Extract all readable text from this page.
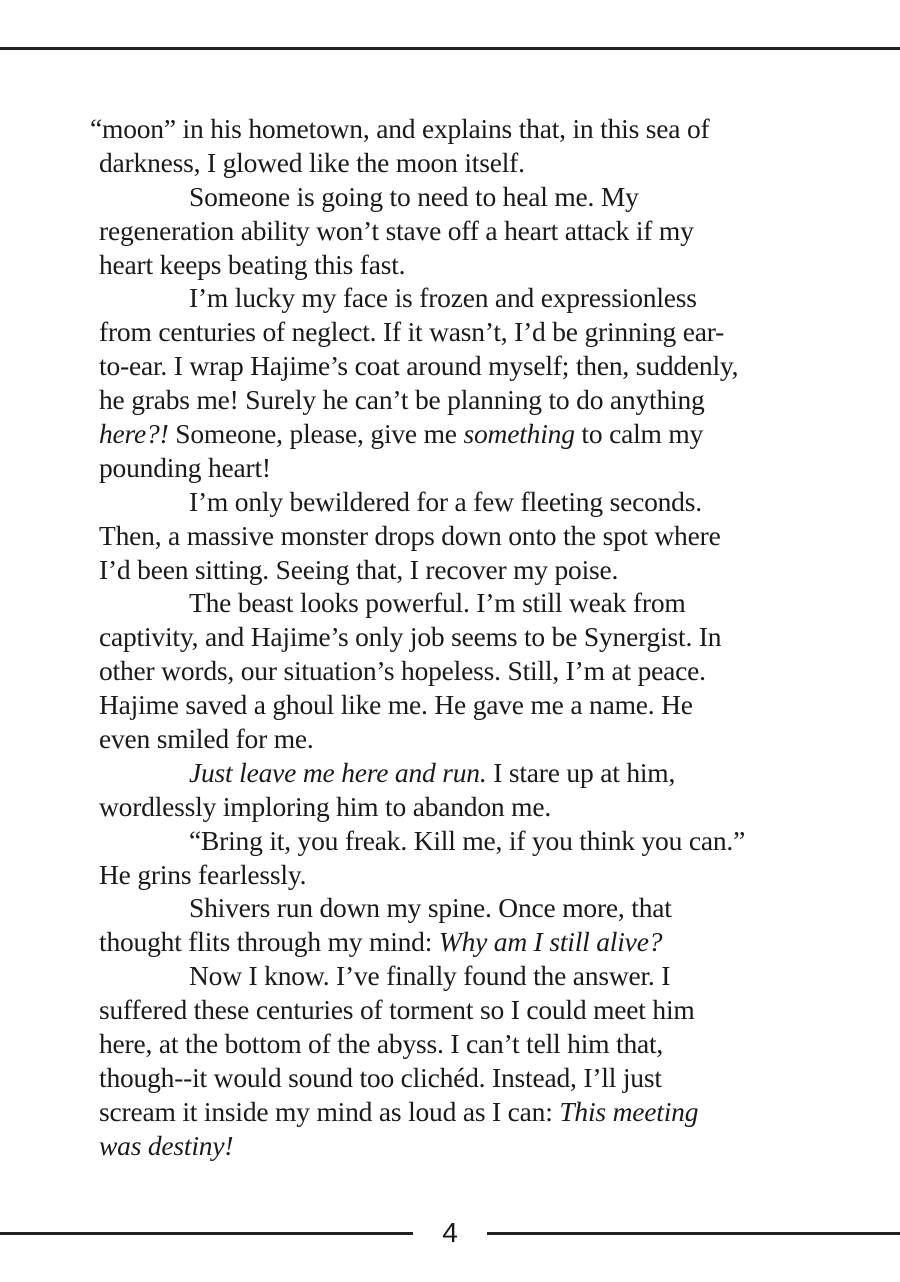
“moon” in his hometown, and explains that, in this sea of
darkness, I glowed like the moon itself.
Someone is going to need to heal me. My
regeneration ability won’t stave off a heart attack if my
heart keeps beating this fast.
I’m lucky my face is frozen and expressionless
from centuries of neglect. If it wasn’t, I’d be grinning ear-
to-ear. I wrap Hajime’s coat around myself; then, suddenly,
he grabs me! Surely he can’t be planning to do anything
here?! Someone, please, give me something to calm my
pounding heart!
I’m only bewildered for a few fleeting seconds.
Then, a massive monster drops down onto the spot where
I’d been sitting. Seeing that, I recover my poise.
The beast looks powerful. I’m still weak from
captivity, and Hajime’s only job seems to be Synergist. In
other words, our situation’s hopeless. Still, I’m at peace.
Hajime saved a ghoul like me. He gave me a name. He
even smiled for me.
Just leave me here and run. I stare up at him,
wordlessly imploring him to abandon me.
“Bring it, you freak. Kill me, if you think you can.”
He grins fearlessly.
Shivers run down my spine. Once more, that
thought flits through my mind: Why am I still alive?
Now I know. I’ve finally found the answer. I
suffered these centuries of torment so I could meet him
here, at the bottom of the abyss. I can’t tell him that,
though--it would sound too clichéd. Instead, I’ll just
scream it inside my mind as loud as I can: This meeting
was destiny!
4
